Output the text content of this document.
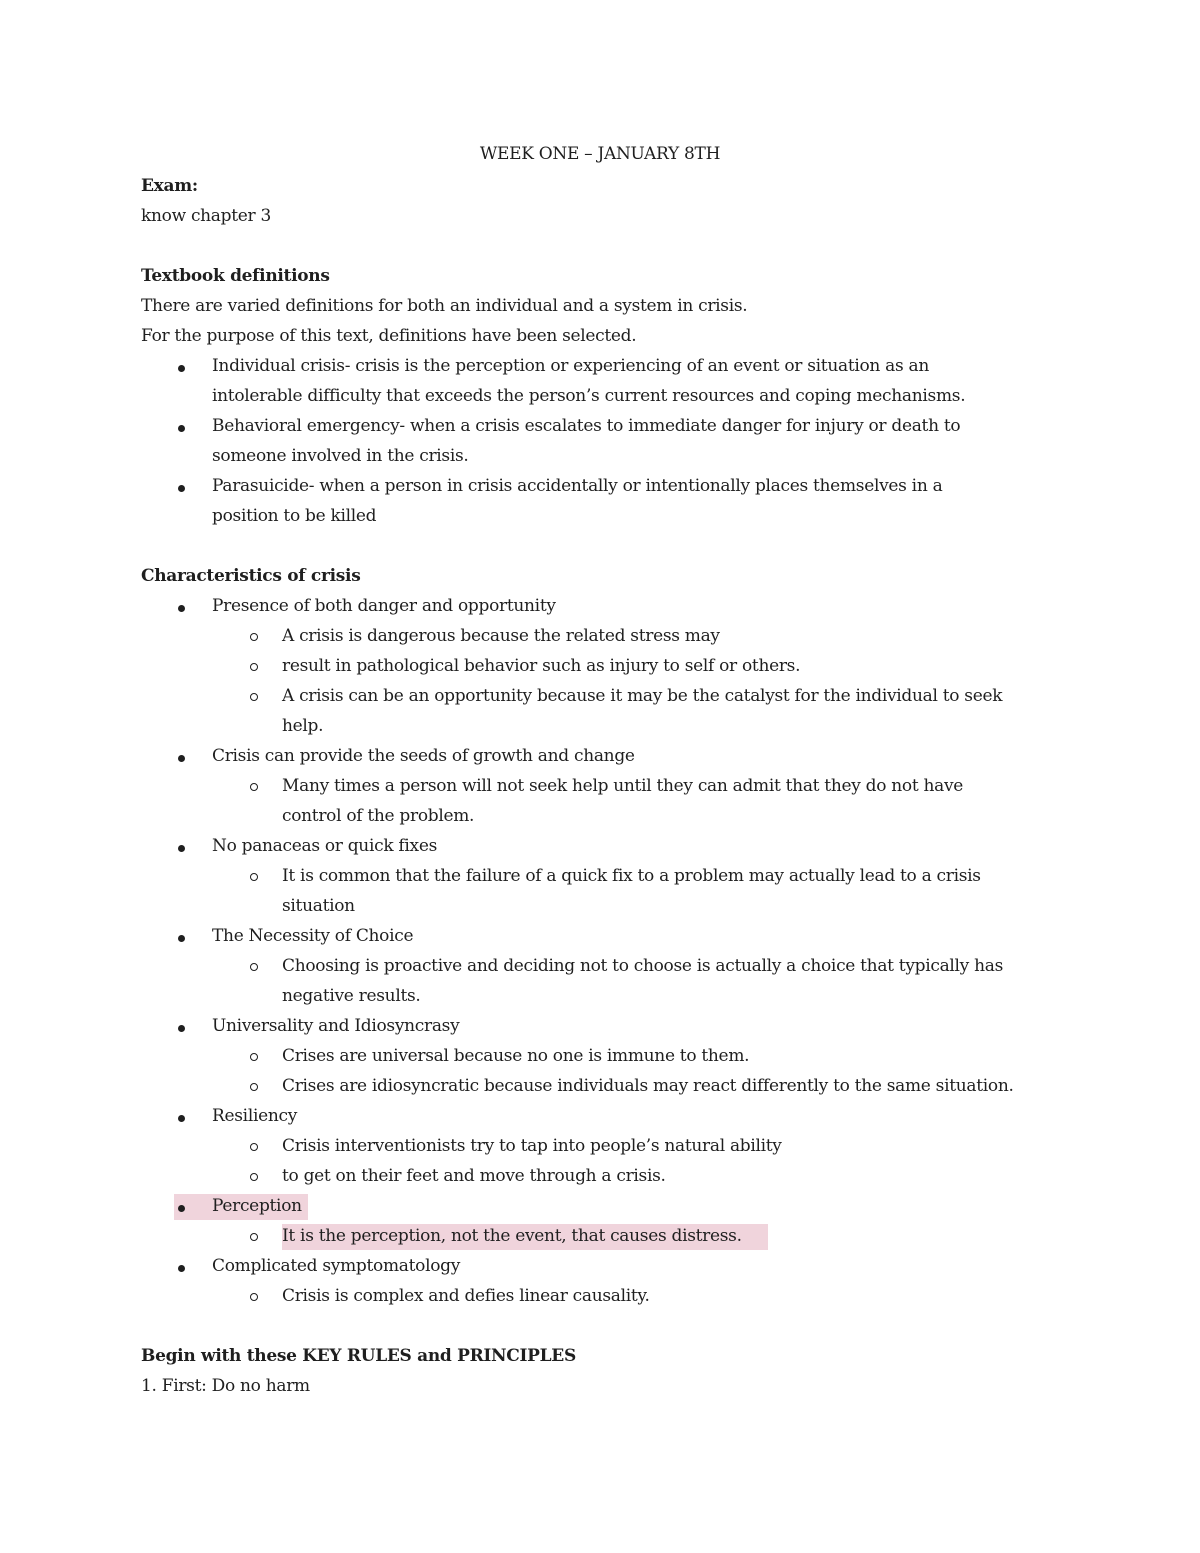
WEEK ONE – JANUARY 8TH
Exam:
know chapter 3
Textbook definitions
There are varied definitions for both an individual and a system in crisis.
For the purpose of this text, definitions have been selected.
Individual crisis- crisis is the perception or experiencing of an event or situation as an
intolerable difficulty that exceeds the person’s current resources and coping mechanisms.
Behavioral emergency- when a crisis escalates to immediate danger for injury or death to
someone involved in the crisis.
Parasuicide- when a person in crisis accidentally or intentionally places themselves in a
position to be killed
Characteristics of crisis
Presence of both danger and opportunity
A crisis is dangerous because the related stress may
result in pathological behavior such as injury to self or others.
A crisis can be an opportunity because it may be the catalyst for the individual to seek
help.
Crisis can provide the seeds of growth and change
Many times a person will not seek help until they can admit that they do not have
control of the problem.
No panaceas or quick fixes
It is common that the failure of a quick fix to a problem may actually lead to a crisis
situation
The Necessity of Choice
Choosing is proactive and deciding not to choose is actually a choice that typically has
negative results.
Universality and Idiosyncrasy
Crises are universal because no one is immune to them.
Crises are idiosyncratic because individuals may react differently to the same situation.
Resiliency
Crisis interventionists try to tap into people’s natural ability
to get on their feet and move through a crisis.
Perception
It is the perception, not the event, that causes distress.
Complicated symptomatology
Crisis is complex and defies linear causality.
Begin with these KEY RULES and PRINCIPLES
1. First: Do no harm
